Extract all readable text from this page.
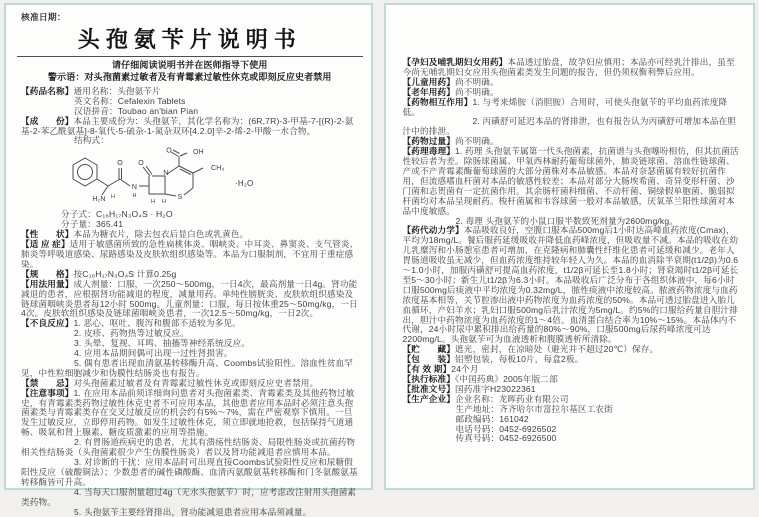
核准日期：
头孢氨苄片说明书
请仔细阅读说明书并在医师指导下使用
警示语：对头孢菌素过敏者及有青霉素过敏性休克或即刻反应史者禁用

【药品名称】通用名称：头孢氨苄片

英文名称：Cefalexin Tablets

汉语拼音：Toubao an'bian Pian

【成　　份】本品主要成份为：头孢氨苄，其化学名称为：(6R,7R)-3-甲基-7-[(R)-2-氨基-2-苯乙酰氨基]-8-氧代-5-硫杂-1-氮杂双环[4.2.0]辛-2-烯-2-甲酸一水合物。

结构式：

H₂N H
O
N
H
O
N
S
CH₃
O	OH
H H
·H₂O

分子式：C₁₆H₁₇N₃O₄S · H₂O

分子量：365.41

【性　　状】本品为糖衣片，除去包衣后显白色或乳黄色。

【适 应 症】适用于敏感菌所致的急性扁桃体炎、咽峡炎、中耳炎、鼻窦炎、支气管炎、肺炎等呼吸道感染、尿路感染及皮肤软组织感染等。本品为口服制剂，不宜用于重症感染。

【规　　格】按C₁₆H₁₇N₃O₄S 计算0.25g

【用法用量】成人剂量：口服，一次250～500mg，一日4次，最高剂量一日4g。肾功能减退的患者，应根据肾功能减退的程度，减量用药。单纯性膀胱炎、皮肤软组织感染及链球菌咽峡炎患者每12小时 500mg。儿童剂量：口服，每日按体重25～50mg/kg，一日4次。皮肤软组织感染及链球菌咽峡炎患者，一次12.5～50mg/kg，一日2次。

【不良反应】1. 恶心、呕吐、腹泻和腹部不适较为多见。

2. 皮疹、药物热等过敏反应。

3. 头晕、复视、耳鸣、抽搐等神经系统反应。

4. 应用本品期间偶可出现一过性肾损害。

5. 偶有患者出现血清氨基转移酶升高、Coombs试验阳性。溶血性贫血罕见，中性粒细胞减少和伪膜性结肠炎也有报告。

【禁　　忌】对头孢菌素过敏者及有青霉素过敏性休克或即刻反应史者禁用。

【注意事项】1. 在应用本品前须详细询问患者对头孢菌素类、青霉素类及其他药物过敏史，有青霉素类药物过敏性休克史者不可应用本品，其他患者应用本品时必须注意头孢菌素类与青霉素类存在交叉过敏反应的机会约有5%～7%，需在严密观察下慎用。一旦发生过敏反应，立即停用药物。如发生过敏性休克，须立即就地抢救，包括保持气道通畅、吸氧和肾上腺素、糖皮质激素的应用等措施。

2. 有胃肠道疾病史的患者，尤其有溃疡性结肠炎、局限性肠炎或抗菌药物相关性结肠炎（头孢菌素很少产生伪膜性肠炎）者以及肾功能减退者应慎用本品。

3. 对诊断的干扰：应用本品时可出现直接Coombs试验阳性反应和尿糖假阳性反应（硫酸铜法）；少数患者的碱性磷酸酶、血清丙氨酸氨基转移酶和门冬氨酸氨基转移酶皆可升高。

4. 当每天口服剂量超过4g（无水头孢氨苄）时，应考虑改注射用头孢菌素类药物。

5. 头孢氨苄主要经肾排出，肾功能减退患者应用本品须减量。

【孕妇及哺乳期妇女用药】本品透过胎盘，故孕妇应慎用；本品亦可经乳汁排出，虽至今尚无哺乳期妇女应用头孢菌素类发生问题的报告，但仍须权衡利弊后应用。

【儿童用药】尚不明确。

【老年用药】尚不明确。

【药物相互作用】1. 与考来烯胺（消胆胺）合用时，可使头孢氨苄的平均血药浓度降低。

2. 丙磺舒可延迟本品的肾排泄，也有报告认为丙磺舒可增加本品在胆汁中的排泄。

【药物过量】尚不明确。

【药理毒理】1. 药理 头孢氨苄属第一代头孢菌素，抗菌谱与头孢噻吩相仿，但其抗菌活性较后者为差。除肠球菌属、甲氧西林耐药葡萄球菌外，肺炎链球菌、溶血性链球菌、产或不产青霉素酶葡萄球菌的大部分菌株对本品敏感。本品对奈瑟菌属有较好抗菌作用，但流感嗜血杆菌对本品的敏感性较差；本品对部分大肠埃希菌、奇异变形杆菌、沙门菌和志贺菌有一定抗菌作用。其余肠杆菌科细菌、不动杆菌、铜绿假单胞菌、脆弱拟杆菌均对本品呈现耐药。梭杆菌属和韦容球菌一般对本品敏感，厌氧革兰阳性球菌对本品中度敏感。

2. 毒理 头孢氨苄的小鼠口服半数致死剂量为2600mg/kg。

【药代动力学】本品吸收良好，空腹口服本品500mg后1小时达高峰血药浓度(Cmax)，平均为18mg/L。餐后服药延缓吸收并降低血药峰浓度，但吸收量不减。本品的吸收在幼儿乳糜泻和小肠憩室患者可增加，在克隆病和肺囊性纤维化患者可延缓和减少。老年人胃肠道吸收虽无减少，但血药浓度维持较年轻人为久。本品的血消除半衰期(t1/2β)为0.6～1.0小时，加服丙磺舒可提高血药浓度，t1/2β可延长至1.8小时；肾衰竭时t1/2β可延长至5～30小时；新生儿t1/2β为6.3小时。本品吸收后广泛分布于各组织体液中，每6小时口服500mg后痰液中平均浓度为0.32mg/L，脓性痰液中浓度较高。脓液药物浓度与血药浓度基本相等，关节腔渗出液中药物浓度为血药浓度的50%。本品可透过胎盘进入胎儿血循环，产妇羊水；乳妇口服500mg后乳汁浓度为5mg/L。约5%的口服给药量自胆汁排出，胆汁中药物浓度为血药浓度的1～4倍。血清蛋白结合率为10%～15%。本品体内不代谢，24小时尿中累积排出给药量的80%～90%，口服500mg后尿药峰浓度可达2200mg/L。头孢氨苄可为血液透析和腹膜透析所清除。

【贮　　藏】遮光，密封，在凉暗处（避光并不超过20℃）保存。

【包　　装】铝塑包装，每板10片，每盒2板。

【有 效 期】24个月

【执行标准】《中国药典》2005年版二部

【批准文号】国药准字H23022361

【生产企业】企业名称：龙晖药业有限公司

生产地址：齐齐哈尔市富拉尔基区工农街

邮政编码：161042

电话号码：0452-6926502

传真号码：0452-6926500
